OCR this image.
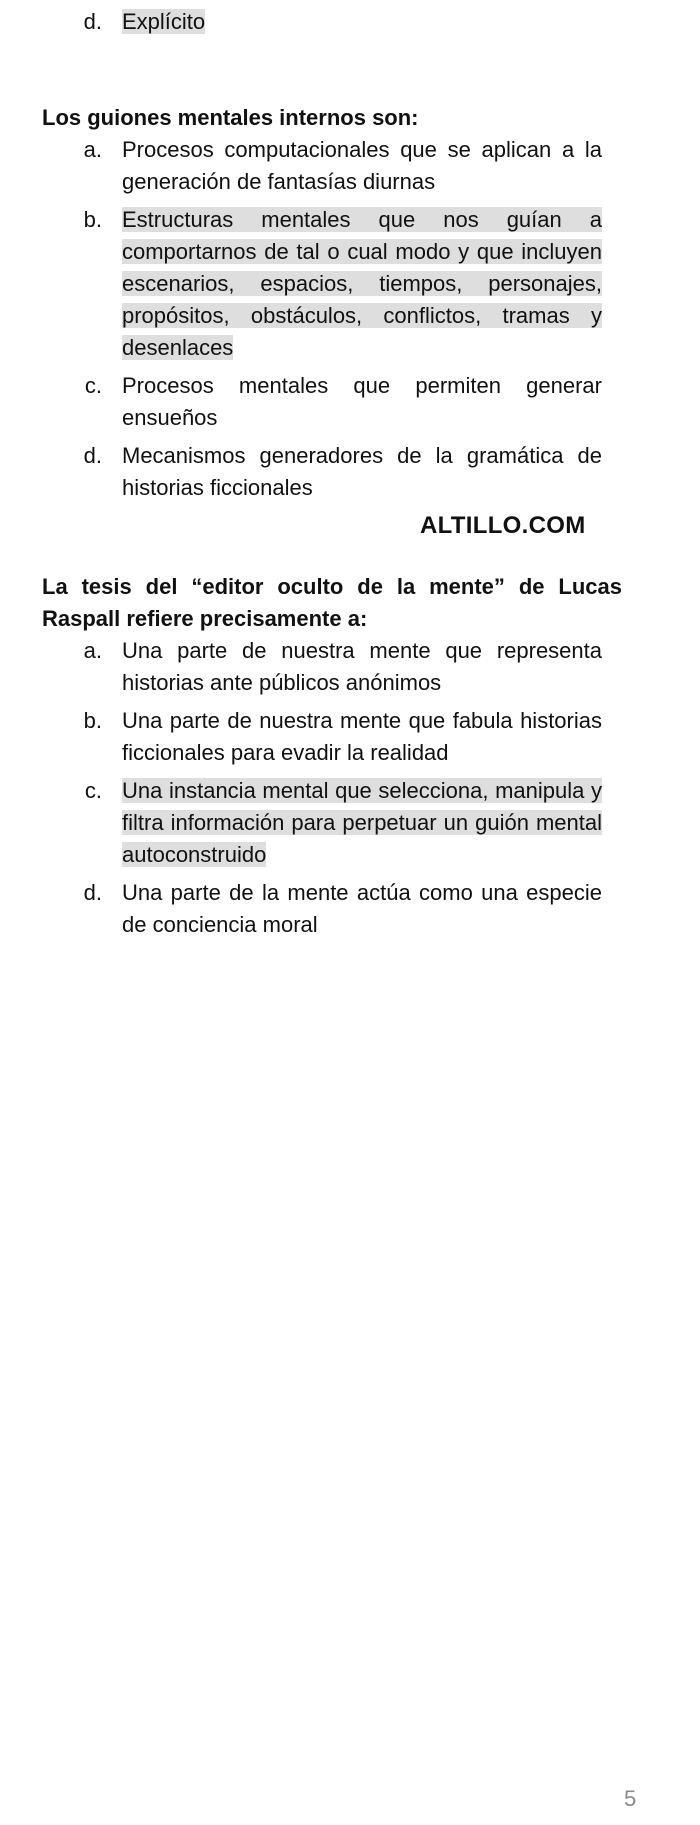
d. Explícito

Los guiones mentales internos son:

a. Procesos computacionales que se aplican a la generación de fantasías diurnas
b. Estructuras mentales que nos guían a comportarnos de tal o cual modo y que incluyen escenarios, espacios, tiempos, personajes, propósitos, obstáculos, conflictos, tramas y desenlaces
c. Procesos mentales que permiten generar ensueños
d. Mecanismos generadores de la gramática de historias ficcionales
ALTILLO.COM

La tesis del “editor oculto de la mente” de Lucas Raspall refiere precisamente a:

a. Una parte de nuestra mente que representa historias ante públicos anónimos
b. Una parte de nuestra mente que fabula historias ficcionales para evadir la realidad
c. Una instancia mental que selecciona, manipula y filtra información para perpetuar un guión mental autoconstruido
d. Una parte de la mente actúa como una especie de conciencia moral
5
